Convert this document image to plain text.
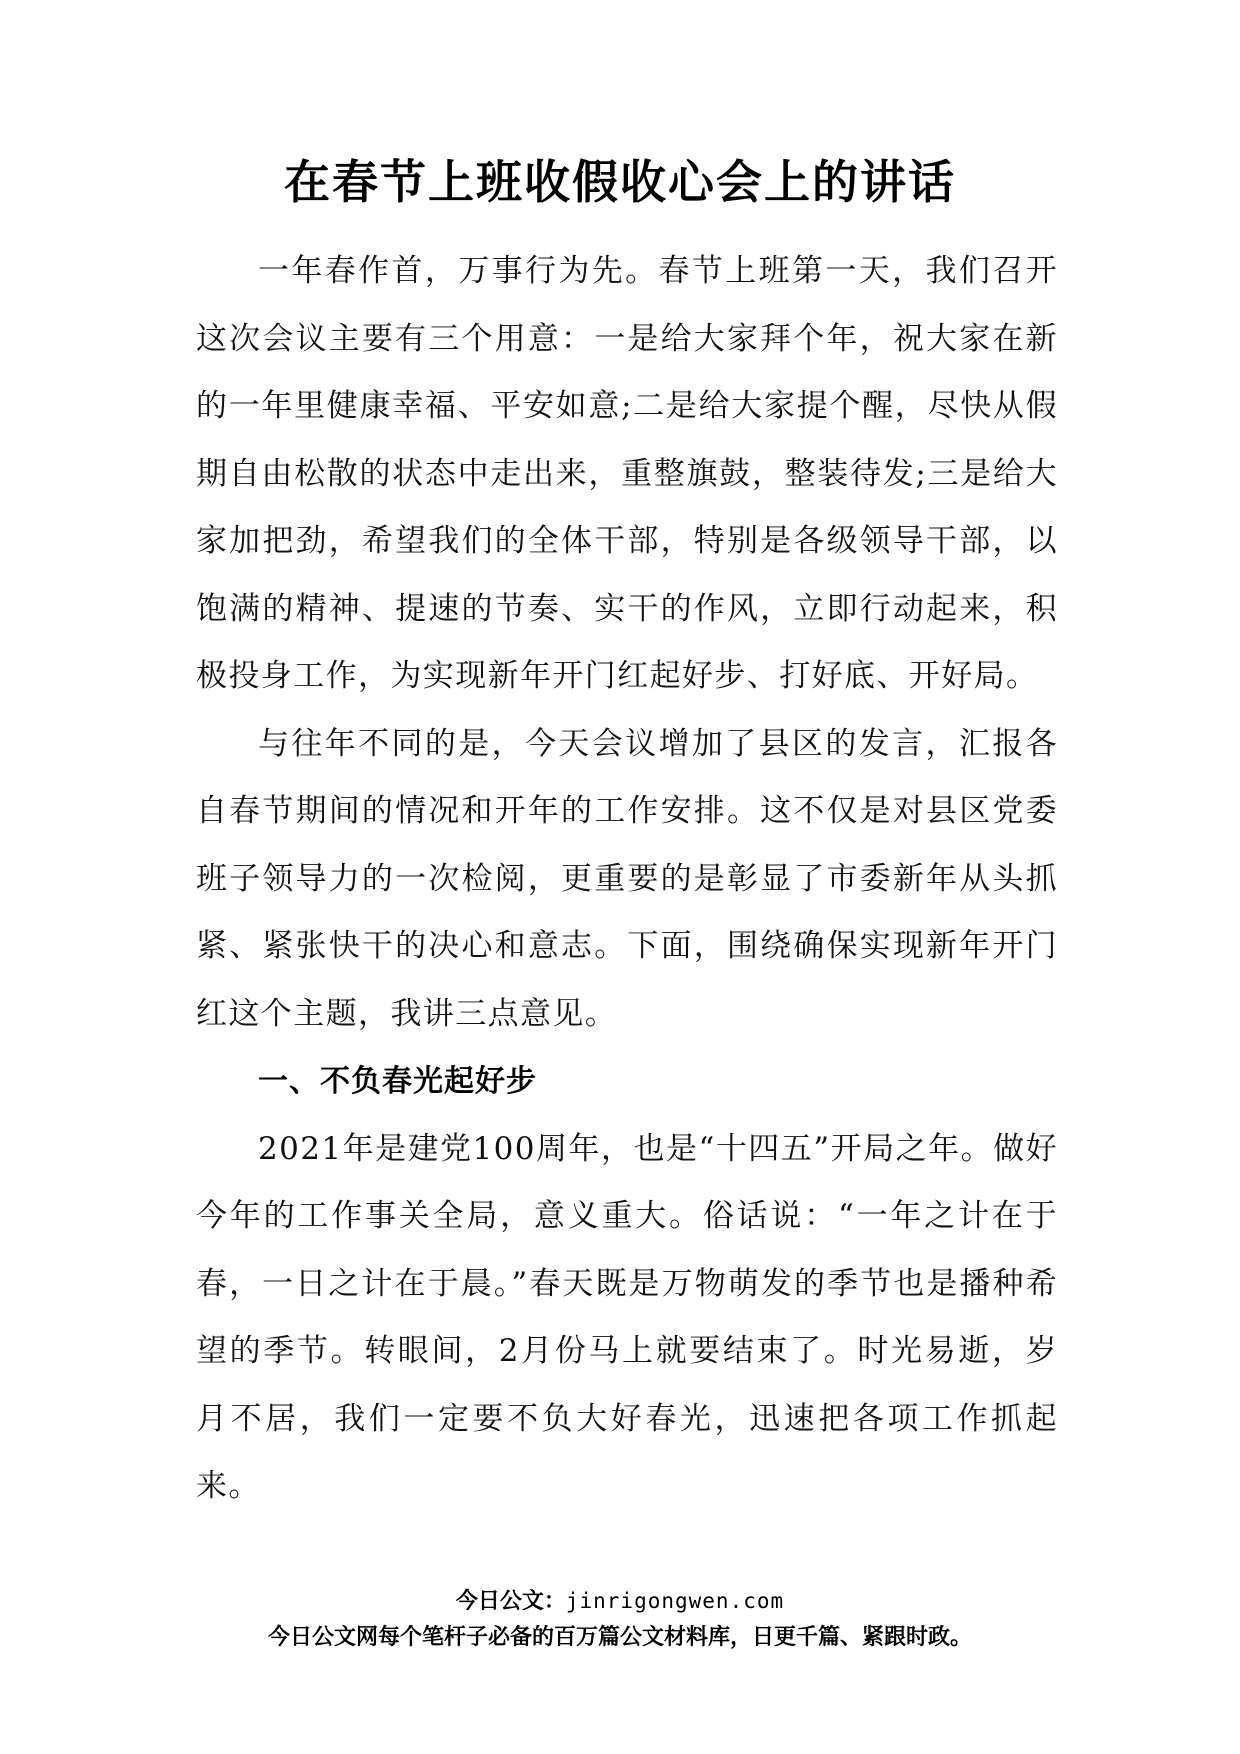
在春节上班收假收心会上的讲话

一年春作首，万事行为先。春节上班第一天，我们召开这次会议主要有三个用意：一是给大家拜个年，祝大家在新的一年里健康幸福、平安如意;二是给大家提个醒，尽快从假期自由松散的状态中走出来，重整旗鼓，整装待发;三是给大家加把劲，希望我们的全体干部，特别是各级领导干部，以饱满的精神、提速的节奏、实干的作风，立即行动起来，积极投身工作，为实现新年开门红起好步、打好底、开好局。

与往年不同的是，今天会议增加了县区的发言，汇报各自春节期间的情况和开年的工作安排。这不仅是对县区党委班子领导力的一次检阅，更重要的是彰显了市委新年从头抓紧、紧张快干的决心和意志。下面，围绕确保实现新年开门红这个主题，我讲三点意见。

一、不负春光起好步

2021年是建党100周年，也是“十四五”开局之年。做好今年的工作事关全局，意义重大。俗话说：“一年之计在于春，一日之计在于晨。”春天既是万物萌发的季节也是播种希望的季节。转眼间，2月份马上就要结束了。时光易逝，岁月不居，我们一定要不负大好春光，迅速把各项工作抓起来。

今日公文：jinrigongwen.com
今日公文网每个笔杆子必备的百万篇公文材料库，日更千篇、紧跟时政。
